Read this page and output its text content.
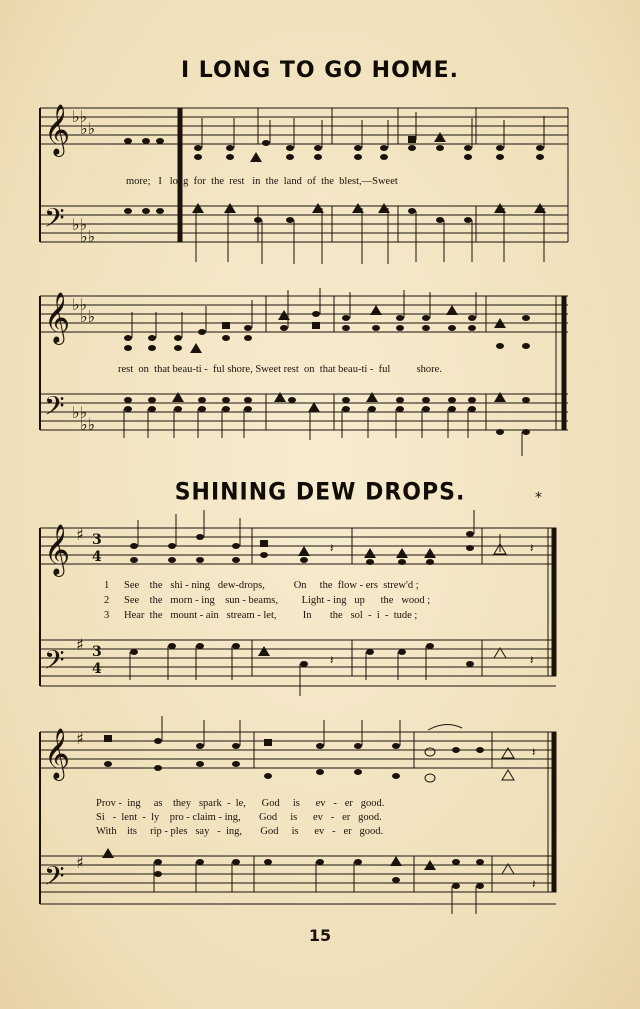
𝄞
𝄢
♭♭
♭♭
♭♭
♭♭
𝄞
𝄢
♭♭
♭♭
♭♭
♭♭
𝄞
𝄢
♯
♯
3
4
3
4
𝄽	𝄽
𝄽	𝄽
𝄞
𝄢
♯
♯
𝄽
𝄽
I LONG TO GO HOME.
more;   I   long  for  the  rest   in  the  land  of  the  blest,—Sweet
rest  on  that beau-ti -  ful shore, Sweet rest  on  that beau-ti -  ful          shore.
SHINING DEW DROPS.	*
1 See    the   shi - ning   dew-drops,           On     the  flow - ers  strew'd ;
2 See    the   morn - ing    sun - beams,         Light - ing   up      the   wood ;
3 Hear  the   mount - ain   stream - let,          In       the   sol  -  i  -  tude ;
Prov -  ing     as    they   spark  -  le,      God     is      ev   -   er   good.
Si   -  lent  -  ly    pro - claim - ing,       God     is      ev   -   er   good.
With    its     rip - ples   say   -  ing,       God     is      ev   -   er   good.
15
